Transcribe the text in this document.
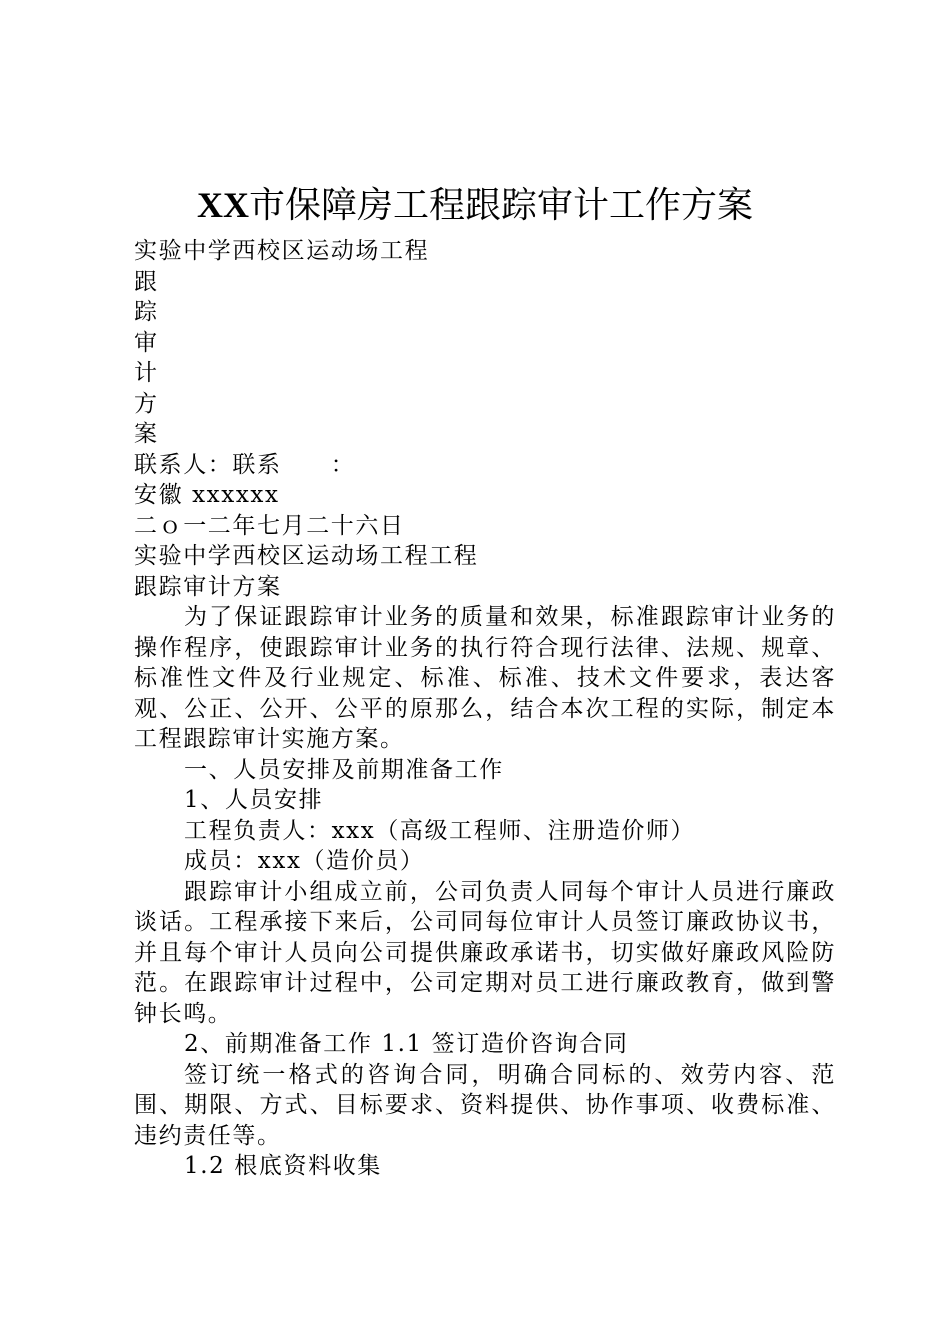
XX市保障房工程跟踪审计工作方案
实验中学西校区运动场工程
跟
踪
审
计
方
案
联系人：联系　　：
安徽 xxxxxx
二ｏ一二年七月二十六日
实验中学西校区运动场工程工程
跟踪审计方案
为了保证跟踪审计业务的质量和效果，标准跟踪审计业务的操作程序，使跟踪审计业务的执行符合现行法律、法规、规章、标准性文件及行业规定、标准、标准、技术文件要求，表达客观、公正、公开、公平的原那么，结合本次工程的实际，制定本工程跟踪审计实施方案。
一、人员安排及前期准备工作
1、人员安排
工程负责人：xxx（高级工程师、注册造价师）
成员：xxx（造价员）
跟踪审计小组成立前，公司负责人同每个审计人员进行廉政谈话。工程承接下来后，公司同每位审计人员签订廉政协议书，并且每个审计人员向公司提供廉政承诺书，切实做好廉政风险防范。在跟踪审计过程中，公司定期对员工进行廉政教育，做到警钟长鸣。
2、前期准备工作 1.1 签订造价咨询合同
签订统一格式的咨询合同，明确合同标的、效劳内容、范围、期限、方式、目标要求、资料提供、协作事项、收费标准、违约责任等。
1.2 根底资料收集
